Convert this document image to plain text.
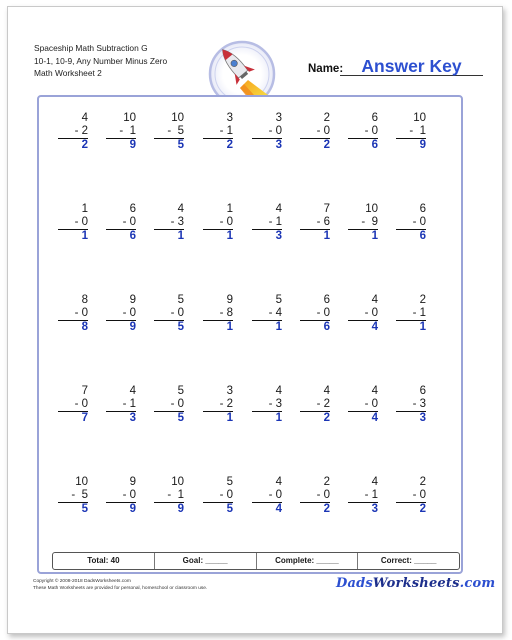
Spaceship Math Subtraction G
10-1, 10-9, Any Number Minus Zero
Math Worksheet 2	Name:	Answer Key
4
- 2
2
10
-  1
9
10
-  5
5
3
- 1
2
3
- 0
3
2
- 0
2
6
- 0
6
10
-  1
9
1
- 0
1
6
- 0
6
4
- 3
1
1
- 0
1
4
- 1
3
7
- 6
1
10
-  9
1
6
- 0
6
8
- 0
8
9
- 0
9
5
- 0
5
9
- 8
1
5
- 4
1
6
- 0
6
4
- 0
4
2
- 1
1
7
- 0
7
4
- 1
3
5
- 0
5
3
- 2
1
4
- 3
1
4
- 2
2
4
- 0
4
6
- 3
3
10
-  5
5
9
- 0
9
10
-  1
9
5
- 0
5
4
- 0
4
2
- 0
2
4
- 1
3
2
- 0
2
Total: 40	Goal: _____	Complete: _____	Correct: _____
Copyright © 2008-2018 DadsWorksheets.com
These Math Worksheets are provided for personal, homeschool or classroom use.	DadsWorksheets.com
